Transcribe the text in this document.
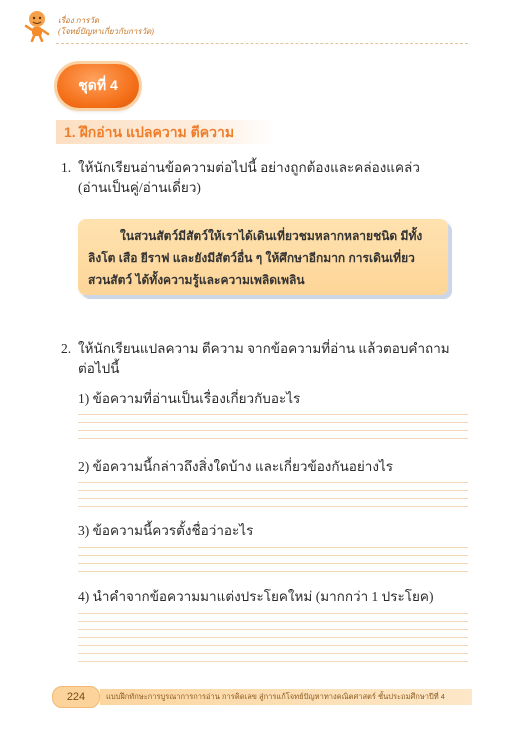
เรื่อง การวัด
(โจทย์ปัญหาเกี่ยวกับการวัด)
ชุดที่ 4
1. ฝึกอ่าน แปลความ ตีความ
1. ให้นักเรียนอ่านข้อความต่อไปนี้ อย่างถูกต้องและคล่องแคล่ว
(อ่านเป็นคู่/อ่านเดี่ยว)
ในสวนสัตว์มีสัตว์ให้เราได้เดินเที่ยวชมหลากหลายชนิด มีทั้ง
ลิงโต เสือ ยีราฟ และยังมีสัตว์อื่น ๆ ให้ศึกษาอีกมาก การเดินเที่ยว
สวนสัตว์ ได้ทั้งความรู้และความเพลิดเพลิน
2. ให้นักเรียนแปลความ ตีความ จากข้อความที่อ่าน แล้วตอบคำถาม
ต่อไปนี้
1) ข้อความที่อ่านเป็นเรื่องเกี่ยวกับอะไร
2) ข้อความนี้กล่าวถึงสิ่งใดบ้าง และเกี่ยวข้องกันอย่างไร
3) ข้อความนี้ควรตั้งชื่อว่าอะไร
4) นำคำจากข้อความมาแต่งประโยคใหม่ (มากกว่า 1 ประโยค)
224	แบบฝึกทักษะการบูรณาการการอ่าน การคิดเลข สู่การแก้โจทย์ปัญหาทางคณิตศาสตร์ ชั้นประถมศึกษาปีที่ 4
